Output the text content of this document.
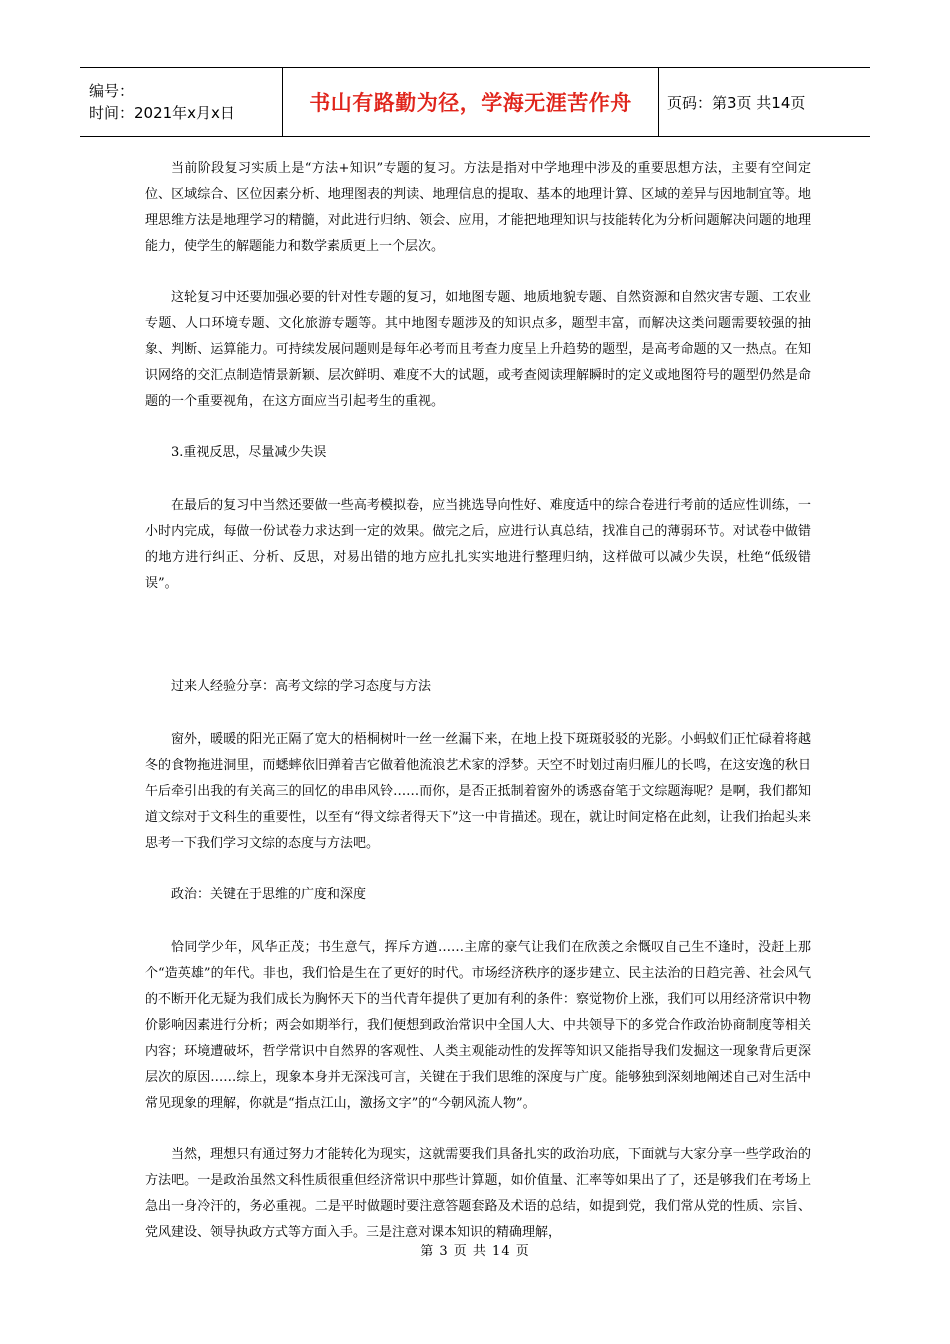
编号：
时间：2021年x月x日	书山有路勤为径，学海无涯苦作舟 页码：第3页 共14页

当前阶段复习实质上是“方法+知识”专题的复习。方法是指对中学地理中涉及的重要思想方法，主要有空间定位、区域综合、区位因素分析、地理图表的判读、地理信息的提取、基本的地理计算、区域的差异与因地制宜等。地理思维方法是地理学习的精髓，对此进行归纳、领会、应用，才能把地理知识与技能转化为分析问题解决问题的地理能力，使学生的解题能力和数学素质更上一个层次。

这轮复习中还要加强必要的针对性专题的复习，如地图专题、地质地貌专题、自然资源和自然灾害专题、工农业专题、人口环境专题、文化旅游专题等。其中地图专题涉及的知识点多，题型丰富，而解决这类问题需要较强的抽象、判断、运算能力。可持续发展问题则是每年必考而且考查力度呈上升趋势的题型，是高考命题的又一热点。在知识网络的交汇点制造情景新颖、层次鲜明、难度不大的试题，或考查阅读理解瞬时的定义或地图符号的题型仍然是命题的一个重要视角，在这方面应当引起考生的重视。

3.重视反思，尽量减少失误

在最后的复习中当然还要做一些高考模拟卷，应当挑选导向性好、难度适中的综合卷进行考前的适应性训练，一小时内完成，每做一份试卷力求达到一定的效果。做完之后，应进行认真总结，找准自己的薄弱环节。对试卷中做错的地方进行纠正、分析、反思，对易出错的地方应扎扎实实地进行整理归纳，这样做可以减少失误，杜绝“低级错误”。

过来人经验分享：高考文综的学习态度与方法

窗外，暖暖的阳光正隔了宽大的梧桐树叶一丝一丝漏下来，在地上投下斑斑驳驳的光影。小蚂蚁们正忙碌着将越冬的食物拖进洞里，而蟋蟀依旧弹着吉它做着他流浪艺术家的浮梦。天空不时划过南归雁儿的长鸣，在这安逸的秋日午后牵引出我的有关高三的回忆的串串风铃……而你，是否正抵制着窗外的诱惑奋笔于文综题海呢？是啊，我们都知道文综对于文科生的重要性，以至有“得文综者得天下”这一中肯描述。现在，就让时间定格在此刻，让我们抬起头来思考一下我们学习文综的态度与方法吧。

政治：关键在于思维的广度和深度

恰同学少年，风华正茂；书生意气，挥斥方遒……主席的豪气让我们在欣羡之余慨叹自己生不逢时，没赶上那个“造英雄”的年代。非也，我们恰是生在了更好的时代。市场经济秩序的逐步建立、民主法治的日趋完善、社会风气的不断开化无疑为我们成长为胸怀天下的当代青年提供了更加有利的条件：察觉物价上涨，我们可以用经济常识中物价影响因素进行分析；两会如期举行，我们便想到政治常识中全国人大、中共领导下的多党合作政治协商制度等相关内容；环境遭破坏，哲学常识中自然界的客观性、人类主观能动性的发挥等知识又能指导我们发掘这一现象背后更深层次的原因……综上，现象本身并无深浅可言，关键在于我们思维的深度与广度。能够独到深刻地阐述自己对生活中常见现象的理解，你就是“指点江山，激扬文字”的“今朝风流人物”。

当然，理想只有通过努力才能转化为现实，这就需要我们具备扎实的政治功底，下面就与大家分享一些学政治的方法吧。一是政治虽然文科性质很重但经济常识中那些计算题，如价值量、汇率等如果出了了，还是够我们在考场上急出一身冷汗的，务必重视。二是平时做题时要注意答题套路及术语的总结，如提到党，我们常从党的性质、宗旨、党风建设、领导执政方式等方面入手。三是注意对课本知识的精确理解，

第 3 页 共 14 页
